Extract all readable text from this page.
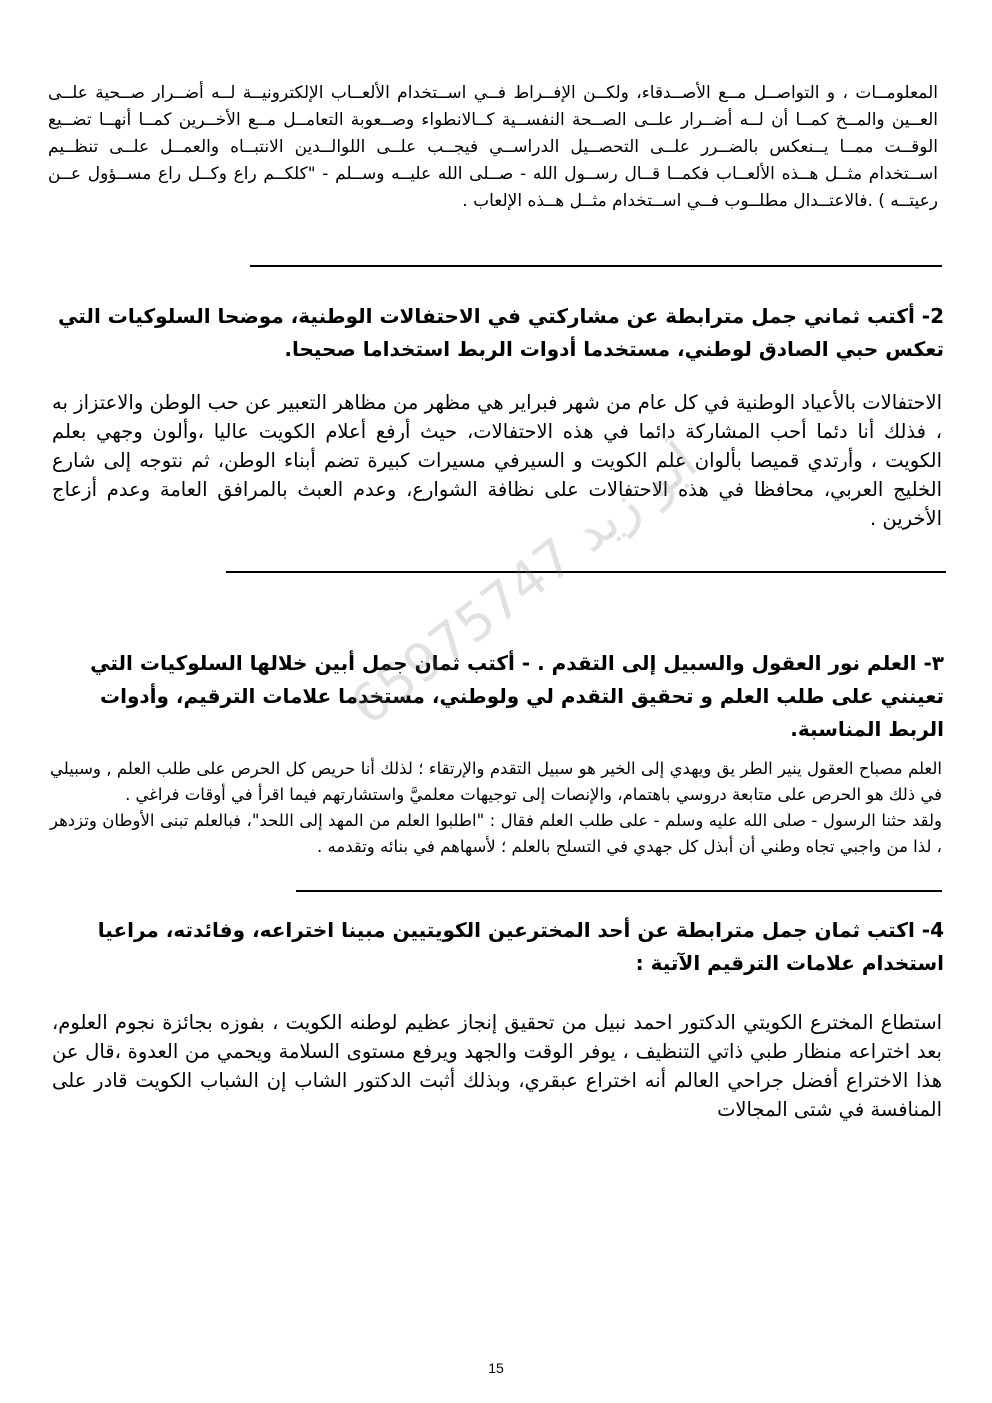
المعلومــات ، و التواصــل مــع الأصــدقاء، ولكــن الإفــراط فــي اســتخدام الألعــاب الإلكترونيــة لــه أضــرار صــحية علــى العــين والمــخ كمــا أن لــه أضــرار علــى الصــحة النفســية كــالانطواء وصــعوبة التعامــل مــع الأخــرين كمــا أنهــا تضــيع الوقــت ممــا يــنعكس بالضــرر علــى التحصــيل الدراســي فيجــب علــى اللوالــدين الانتبــاه والعمــل علــى تنظــيم اســتخدام مثــل هــذه الألعــاب فكمــا قــال رســول الله - صــلى الله عليــه وســلم - "كلكــم راع وكــل راع مســؤول عــن رعيتــه ) .فالاعتــدال مطلــوب فــي اســتخدام مثــل هــذه الإلعاب .

2- أكتب ثماني جمل مترابطة عن مشاركتي في الاحتفالات الوطنية، موضحا السلوكيات التي تعكس حبي الصادق لوطني، مستخدما أدوات الربط استخداما صحيحا.

الاحتفالات بالأعياد الوطنية في كل عام من شهر فبراير هي مظهر من مظاهر التعبير عن حب الوطن والاعتزاز به ، فذلك أنا دئما أحب المشاركة دائما في هذه الاحتفالات، حيث أرفع أعلام الكويت عاليا ،وألون وجهي بعلم الكويت ، وأرتدي قميصا بألوان علم الكويت و السيرفي مسيرات كبيرة تضم أبناء الوطن، ثم نتوجه إلى شارع الخليج العربي، محافظا في هذه الاحتفالات على نظافة الشوارع، وعدم العبث بالمرافق العامة وعدم أزعاج الأخرين .

٣- العلم نور العقول والسبيل إلى التقدم . - أكتب ثمان جمل أبين خلالها السلوكيات التي تعينني على طلب العلم و تحقيق التقدم لي ولوطني، مستخدما علامات الترقيم، وأدوات الربط المناسبة.

العلم مصباح العقول ينير الطر يق ويهدي إلى الخير هو سبيل التقدم والإرتقاء ؛ لذلك أنا حريص كل الحرص على طلب العلم , وسبيلي في ذلك هو الحرص على متابعة دروسي باهتمام، والإنصات إلى توجيهات معلميَّ واستشارتهم فيما اقرأ في أوقات فراغي .

ولقد حثنا الرسول - صلى الله عليه وسلم - على طلب العلم فقال : "اطلبوا العلم من المهد إلى اللحد"، فبالعلم تبنى الأوطان وتزدهر ، لذا من واجبي تجاه وطني أن أبذل كل جهدي في التسلح بالعلم ؛ لأسهاهم في بنائه وتقدمه .

4- اكتب ثمان جمل مترابطة عن أحد المخترعين الكويتيين مبينا اختراعه، وفائدته، مراعيا استخدام علامات الترقيم الآتية :

استطاع المخترع الكويتي الدكتور احمد نبيل من تحقيق إنجاز عظيم لوطنه الكويت ، بفوزه بجائزة نجوم العلوم، بعد اختراعه منظار طبي ذاتي التنظيف ، يوفر الوقت والجهد ويرفع مستوى السلامة ويحمي من العدوة ،قال عن هذا الاختراع أفضل جراحي العالم أنه اختراع عبقري، وبذلك أثبت الدكتور الشاب إن الشباب الكويت قادر على المنافسة في شتى المجالات

أبو زيد 65975747
15
